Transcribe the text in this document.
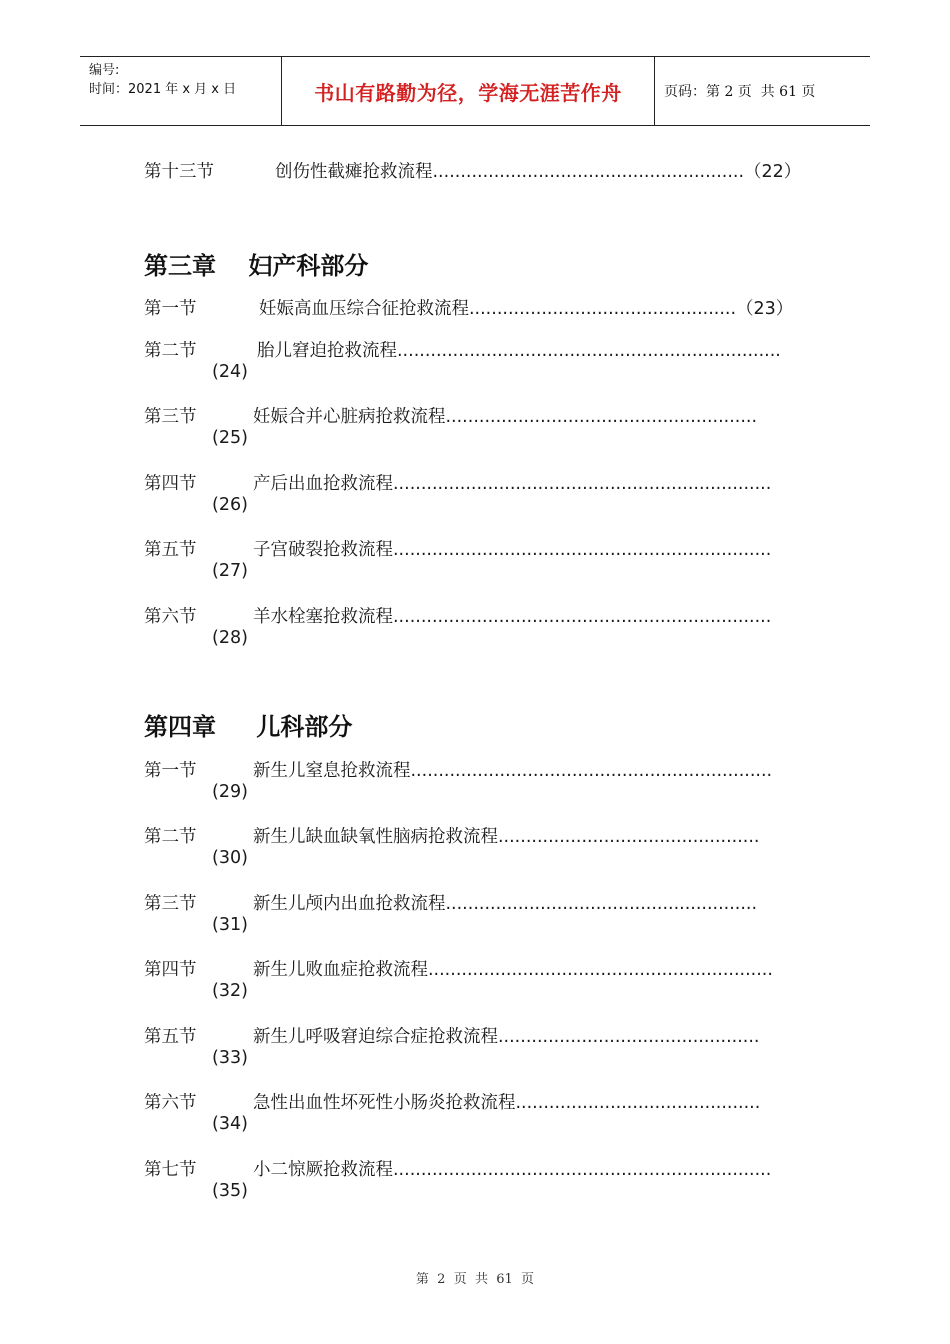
编号:
时间：2021 年 x 月 x 日	书山有路勤为径，学海无涯苦作舟	页码：第 2 页  共 61 页
第十三节	创伤性截瘫抢救流程........................................................（22）
第三章 妇产科部分
第一节	妊娠高血压综合征抢救流程................................................（23）
第二节	胎儿窘迫抢救流程.....................................................................
(24)
第三节	妊娠合并心脏病抢救流程........................................................
(25)
第四节	产后出血抢救流程....................................................................
(26)
第五节	子宫破裂抢救流程....................................................................
(27)
第六节	羊水栓塞抢救流程....................................................................
(28)
第四章 儿科部分
第一节	新生儿窒息抢救流程.................................................................
(29)
第二节	新生儿缺血缺氧性脑病抢救流程...............................................
(30)
第三节	新生儿颅内出血抢救流程........................................................
(31)
第四节	新生儿败血症抢救流程..............................................................
(32)
第五节	新生儿呼吸窘迫综合症抢救流程...............................................
(33)
第六节	急性出血性坏死性小肠炎抢救流程............................................
(34)
第七节	小二惊厥抢救流程....................................................................
(35)
第  2  页  共  61  页
